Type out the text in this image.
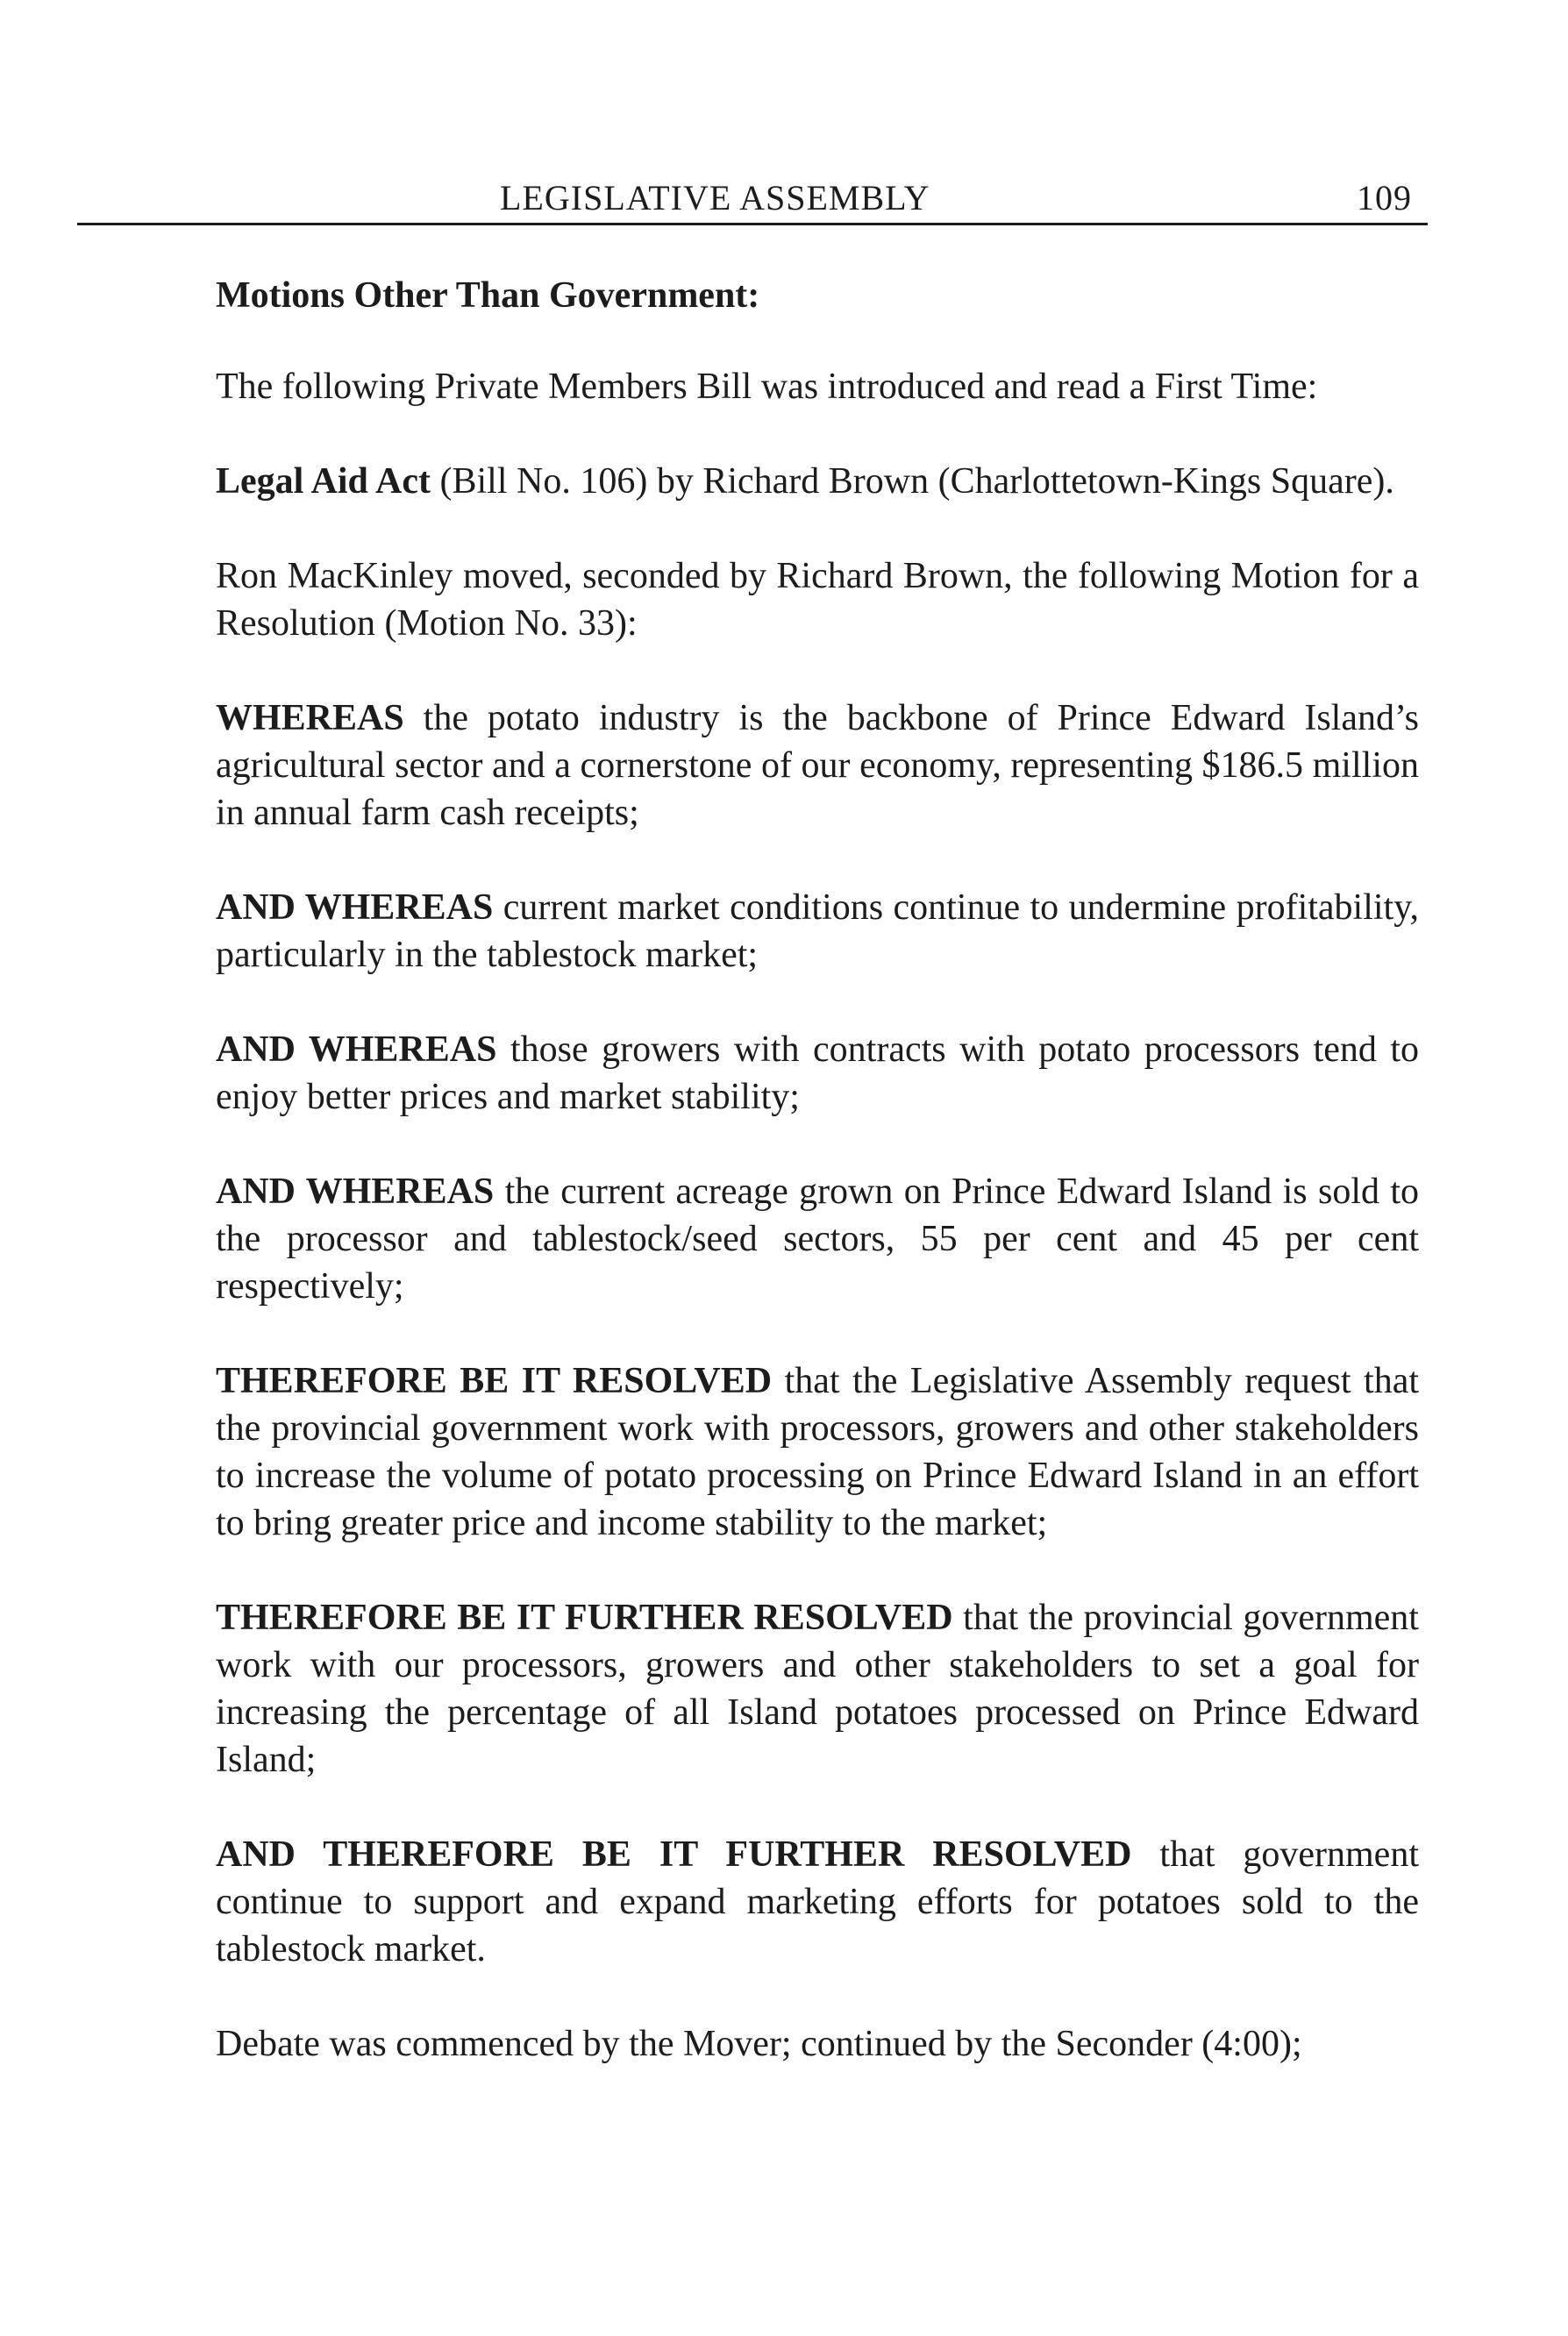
LEGISLATIVE ASSEMBLY	109

Motions Other Than Government:

The following Private Members Bill was introduced and read a First Time:

Legal Aid Act (Bill No. 106) by Richard Brown (Charlottetown-Kings Square).

Ron MacKinley moved, seconded by Richard Brown, the following Motion for a Resolution (Motion No. 33):

WHEREAS the potato industry is the backbone of Prince Edward Island’s agricultural sector and a cornerstone of our economy, representing $186.5 million in annual farm cash receipts;

AND WHEREAS current market conditions continue to undermine profitability, particularly in the tablestock market;

AND WHEREAS those growers with contracts with potato processors tend to enjoy better prices and market stability;

AND WHEREAS the current acreage grown on Prince Edward Island is sold to the processor and tablestock/seed sectors, 55 per cent and 45 per cent respectively;

THEREFORE BE IT RESOLVED that the Legislative Assembly request that the provincial government work with processors, growers and other stakeholders to increase the volume of potato processing on Prince Edward Island in an effort to bring greater price and income stability to the market;

THEREFORE BE IT FURTHER RESOLVED that the provincial government work with our processors, growers and other stakeholders to set a goal for increasing the percentage of all Island potatoes processed on Prince Edward Island;

AND THEREFORE BE IT FURTHER RESOLVED that government continue to support and expand marketing efforts for potatoes sold to the tablestock market.

Debate was commenced by the Mover; continued by the Seconder (4:00);
